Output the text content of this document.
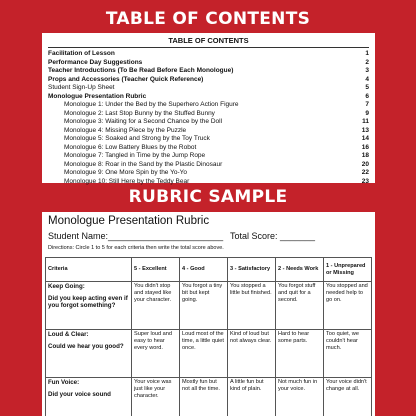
TABLE OF CONTENTS
TABLE OF CONTENTS
Facilitation of Lesson	1
Performance Day Suggestions	2
Teacher Introductions (To Be Read Before Each Monologue)	3
Props and Accessories (Teacher Quick Reference)	4
Student Sign-Up Sheet	5
Monologue Presentation Rubric	6
Monologue 1: Under the Bed by the Superhero Action Figure	7
Monologue 2: Last Stop Bunny by the Stuffed Bunny	9
Monologue 3: Waiting for a Second Chance by the Doll	11
Monologue 4: Missing Piece by the Puzzle	13
Monologue 5: Soaked and Strong by the Toy Truck	14
Monologue 6: Low Battery Blues by the Robot	16
Monologue 7: Tangled in Time by the Jump Rope	18
Monologue 8: Roar in the Sand by the Plastic Dinosaur	20
Monologue 9: One More Spin by the Yo-Yo	22
Monologue 10: Still Here by the Teddy Bear	23
RUBRIC SAMPLE
Monologue Presentation Rubric
Student Name:_______________________ Total Score: _______
Directions: Circle 1 to 5 for each criteria then write the total score above.
Criteria	5 - Excellent	4 - Good	3 - Satisfactory	2 - Needs Work	1 - Unprepared or Missing

Keep Going:
Did you keep acting even if you forgot something?	You didn't stop and stayed like your character.	You forgot a tiny bit but kept going.	You stopped a little but finished.	You forgot stuff and quit for a second.	You stopped and needed help to go on.

Loud & Clear:
Could we hear you good?	Super loud and easy to hear every word.	Loud most of the time, a little quiet once.	Kind of loud but not always clear.	Hard to hear some parts.	Too quiet, we couldn't hear much.

Fun Voice:
Did your voice sound	Your voice was just like your character.	Mostly fun but not all the time.	A little fun but kind of plain.	Not much fun in your voice.	Your voice didn't change at all.
